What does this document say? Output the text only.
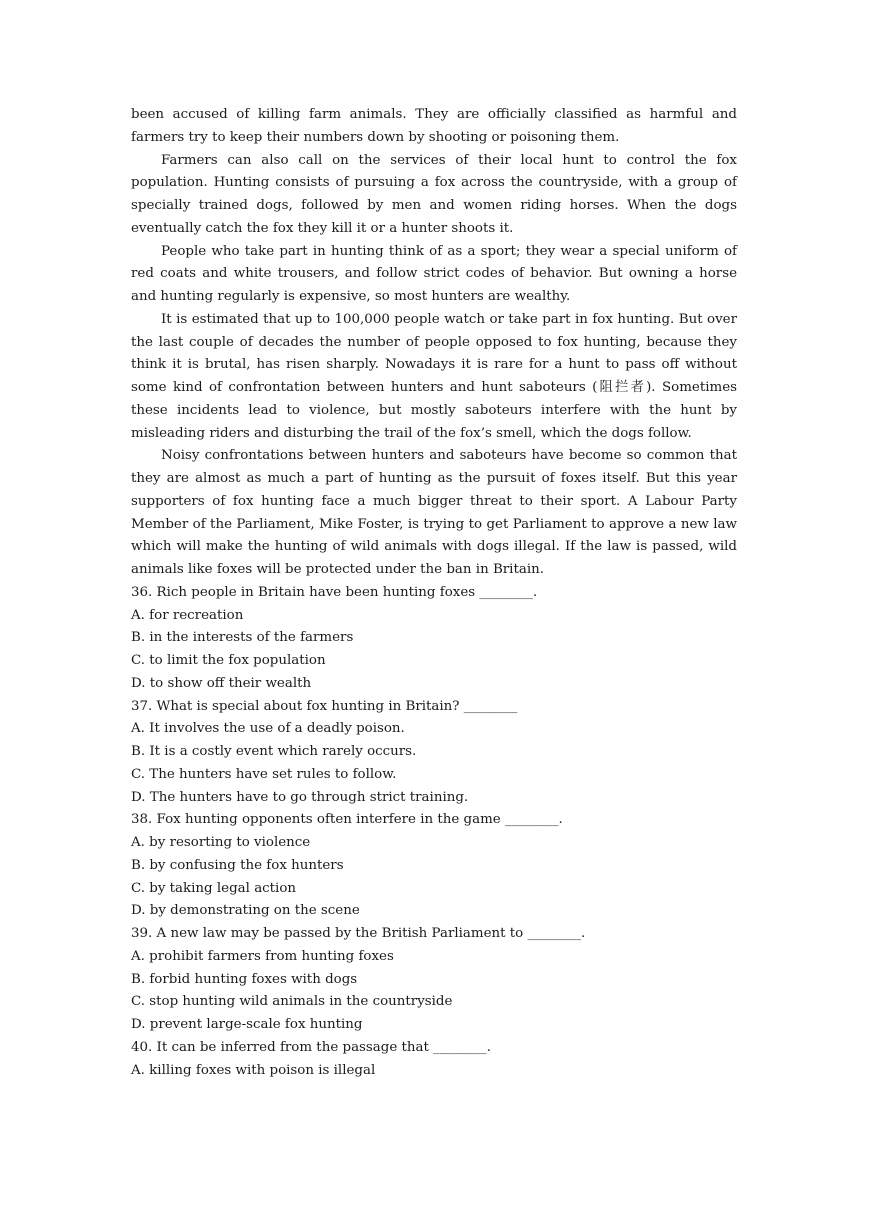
been accused of killing farm animals. They are officially classified as harmful and farmers try to keep their numbers down by shooting or poisoning them.

Farmers can also call on the services of their local hunt to control the fox population. Hunting consists of pursuing a fox across the countryside, with a group of specially trained dogs, followed by men and women riding horses. When the dogs eventually catch the fox they kill it or a hunter shoots it.

People who take part in hunting think of as a sport; they wear a special uniform of red coats and white trousers, and follow strict codes of behavior. But owning a horse and hunting regularly is expensive, so most hunters are wealthy.

It is estimated that up to 100,000 people watch or take part in fox hunting. But over the last couple of decades the number of people opposed to fox hunting, because they think it is brutal, has risen sharply. Nowadays it is rare for a hunt to pass off without some kind of confrontation between hunters and hunt saboteurs (阻拦者). Sometimes these incidents lead to violence, but mostly saboteurs interfere with the hunt by misleading riders and disturbing the trail of the fox’s smell, which the dogs follow.

Noisy confrontations between hunters and saboteurs have become so common that they are almost as much a part of hunting as the pursuit of foxes itself. But this year supporters of fox hunting face a much bigger threat to their sport. A Labour Party Member of the Parliament, Mike Foster, is trying to get Parliament to approve a new law which will make the hunting of wild animals with dogs illegal. If the law is passed, wild animals like foxes will be protected under the ban in Britain.

36. Rich people in Britain have been hunting foxes ________.

A. for recreation

B. in the interests of the farmers

C. to limit the fox population

D. to show off their wealth

37. What is special about fox hunting in Britain? ________

A. It involves the use of a deadly poison.

B. It is a costly event which rarely occurs.

C. The hunters have set rules to follow.

D. The hunters have to go through strict training.

38. Fox hunting opponents often interfere in the game ________.

A. by resorting to violence

B. by confusing the fox hunters

C. by taking legal action

D. by demonstrating on the scene

39. A new law may be passed by the British Parliament to ________.

A. prohibit farmers from hunting foxes

B. forbid hunting foxes with dogs

C. stop hunting wild animals in the countryside

D. prevent large-scale fox hunting

40. It can be inferred from the passage that ________.

A. killing foxes with poison is illegal
